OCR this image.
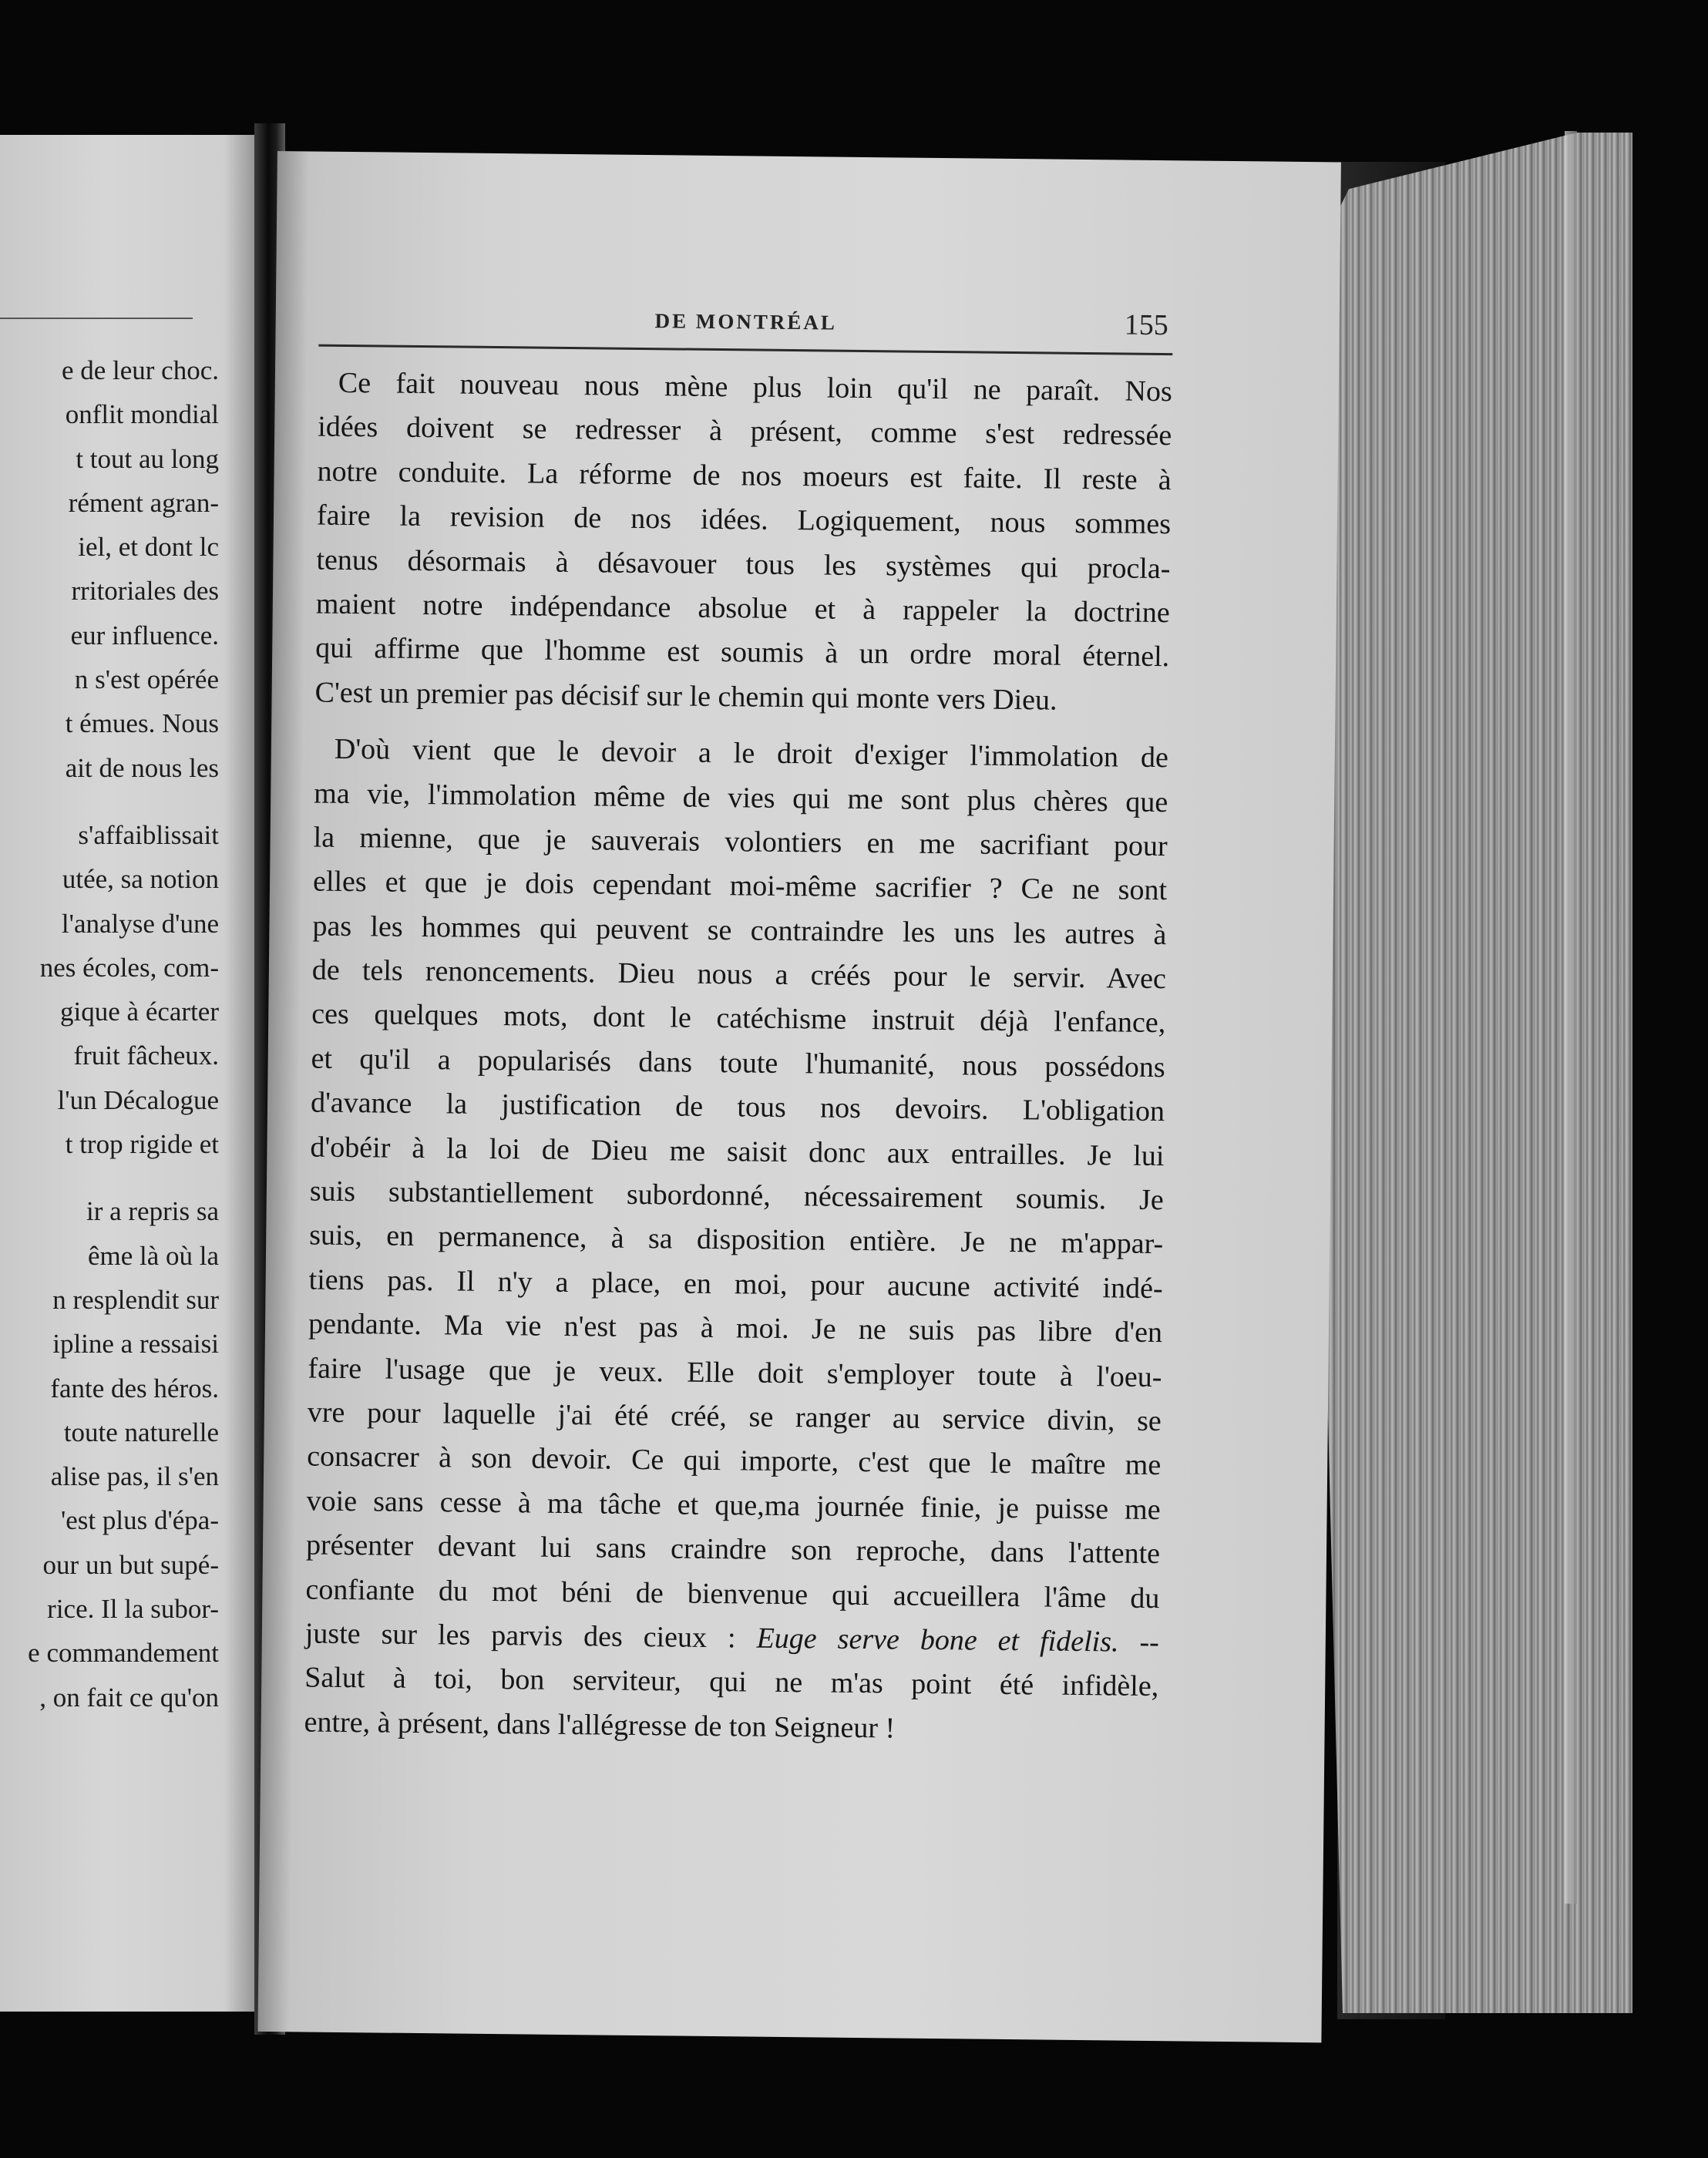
e de leur choc.
onflit mondial
t tout au long
rément agran-
iel, et dont lc
rritoriales des
eur influence.
n s'est opérée
t émues. Nous
ait de nous les
s'affaiblissait
utée, sa notion
l'analyse d'une
nes écoles, com-
gique à écarter
fruit fâcheux.
l'un Décalogue
t trop rigide et
ir a repris sa
ême là où la
n resplendit sur
ipline a ressaisi
fante des héros.
toute naturelle
alise pas, il s'en
'est plus d'épa-
our un but supé-
rice. Il la subor-
e commandement
, on fait ce qu'on
DE MONTRÉAL	155
Ce fait nouveau nous mène plus loin qu'il ne paraît. Nos
idées doivent se redresser à présent, comme s'est redressée
notre conduite. La réforme de nos moeurs est faite. Il reste à
faire la revision de nos idées. Logiquement, nous sommes
tenus désormais à désavouer tous les systèmes qui procla-
maient notre indépendance absolue et à rappeler la doctrine
qui affirme que l'homme est soumis à un ordre moral éternel.
C'est un premier pas décisif sur le chemin qui monte vers Dieu.
D'où vient que le devoir a le droit d'exiger l'immolation de
ma vie, l'immolation même de vies qui me sont plus chères que
la mienne, que je sauverais volontiers en me sacrifiant pour
elles et que je dois cependant moi-même sacrifier ? Ce ne sont
pas les hommes qui peuvent se contraindre les uns les autres à
de tels renoncements. Dieu nous a créés pour le servir. Avec
ces quelques mots, dont le catéchisme instruit déjà l'enfance,
et qu'il a popularisés dans toute l'humanité, nous possédons
d'avance la justification de tous nos devoirs. L'obligation
d'obéir à la loi de Dieu me saisit donc aux entrailles. Je lui
suis substantiellement subordonné, nécessairement soumis. Je
suis, en permanence, à sa disposition entière. Je ne m'appar-
tiens pas. Il n'y a place, en moi, pour aucune activité indé-
pendante. Ma vie n'est pas à moi. Je ne suis pas libre d'en
faire l'usage que je veux. Elle doit s'employer toute à l'oeu-
vre pour laquelle j'ai été créé, se ranger au service divin, se
consacrer à son devoir. Ce qui importe, c'est que le maître me
voie sans cesse à ma tâche et que,ma journée finie, je puisse me
présenter devant lui sans craindre son reproche, dans l'attente
confiante du mot béni de bienvenue qui accueillera l'âme du
juste sur les parvis des cieux : Euge serve bone et fidelis. --
Salut à toi, bon serviteur, qui ne m'as point été infidèle,
entre, à présent, dans l'allégresse de ton Seigneur !
